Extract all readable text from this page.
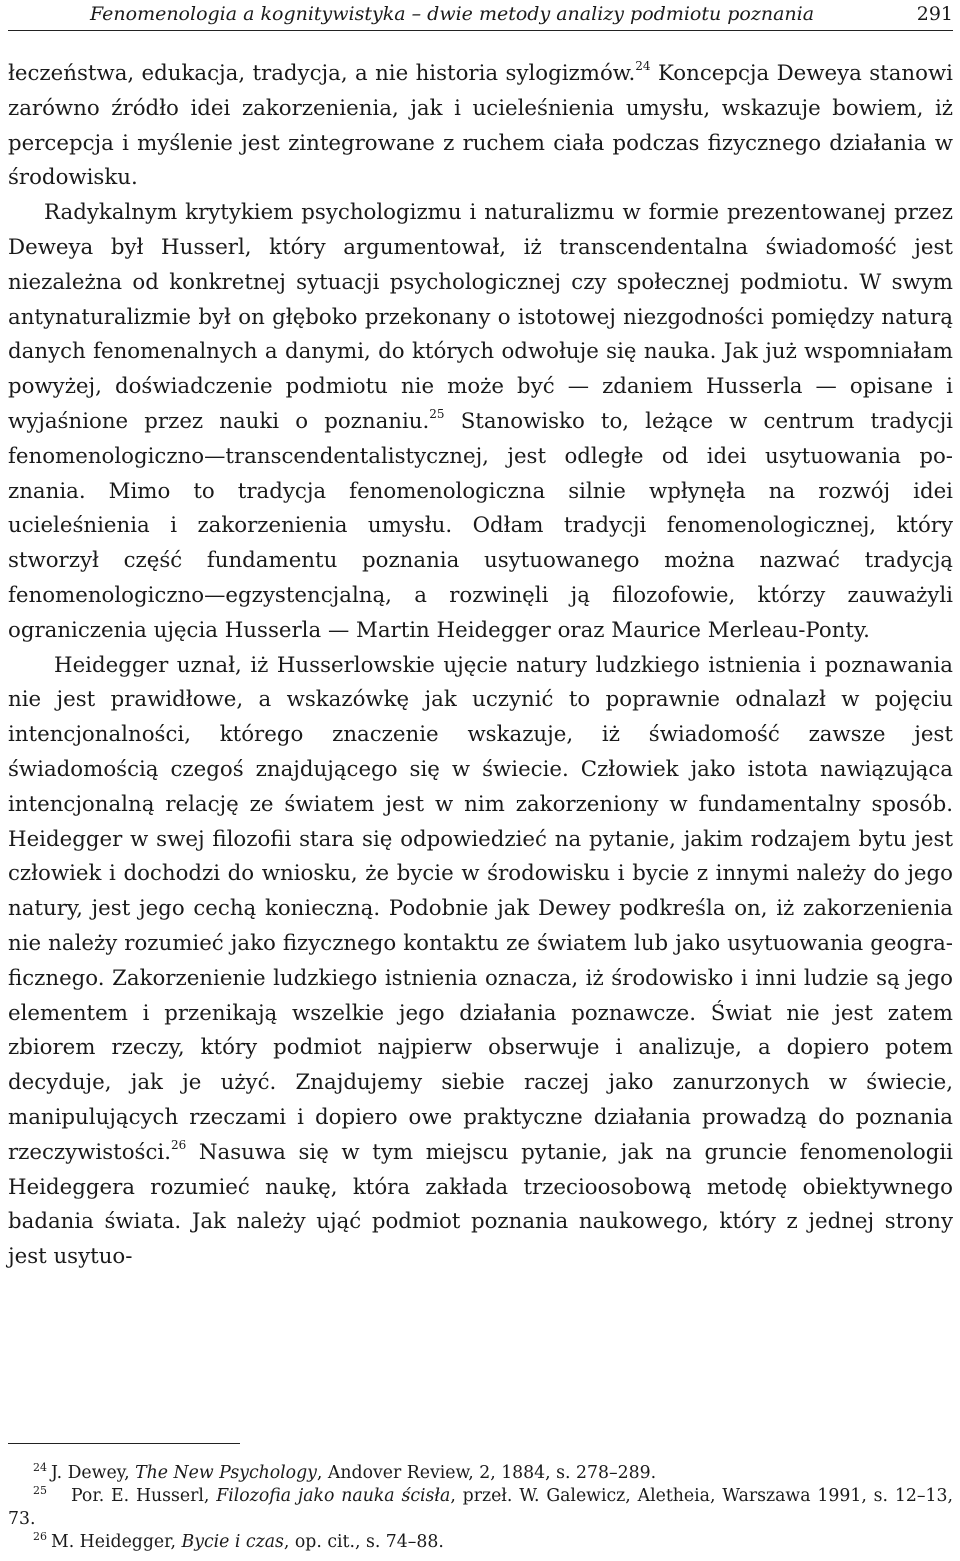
Fenomenologia a kognitywistyka – dwie metody analizy podmiotu poznania	291

łeczeństwa, edukacja, tradycja, a nie historia sylogizmów.$^{24}$ Koncepcja Deweya stanowi zarówno źródło idei zakorzenienia, jak i ucieleśnienia umysłu, wskazuje bowiem, iż percepcja i myślenie jest zintegrowane z ruchem ciała podczas fizycznego działania w środowisku.

Radykalnym krytykiem psychologizmu i naturalizmu w formie prezentowanej przez Deweya był Husserl, który argumentował, iż transcendentalna świadomość jest niezależna od konkretnej sytuacji psychologicznej czy społecznej podmiotu. W swym antynaturalizmie był on głęboko przekonany o istotowej niezgodności pomiędzy naturą danych fenomenalnych a danymi, do których odwołuje się nauka. Jak już wspomniałam powyżej, doświadczenie podmiotu nie może być — zdaniem Husserla — opisane i wyjaśnione przez nauki o poznaniu.$^{25}$ Stanowisko to, leżące w centrum tradycji fenomenologiczno—transcendentalistycznej, jest odległe od idei usytuowania poznania. Mimo to tradycja fenomenologiczna silnie wpłynęła na rozwój idei ucieleśnienia i zakorzenienia umysłu. Odłam tradycji fenomenologicznej, który stworzył część fundamentu poznania usytuowanego można nazwać tradycją fenomenologiczno—egzystencjalną, a rozwinęli ją filozofowie, którzy zauważyli ograniczenia ujęcia Husserla — Martin Heidegger oraz Maurice Merleau-Ponty.

Heidegger uznał, iż Husserlowskie ujęcie natury ludzkiego istnienia i poznawania nie jest prawidłowe, a wskazówkę jak uczynić to poprawnie odnalazł w pojęciu intencjonalności, którego znaczenie wskazuje, iż świadomość zawsze jest świadomością czegoś znajdującego się w świecie. Człowiek jako istota nawiązująca intencjonalną relację ze światem jest w nim zakorzeniony w fundamentalny sposób. Heidegger w swej filozofii stara się odpowiedzieć na pytanie, jakim rodzajem bytu jest człowiek i dochodzi do wniosku, że bycie w środowisku i bycie z innymi należy do jego natury, jest jego cechą konieczną. Podobnie jak Dewey podkreśla on, iż zakorzenienia nie należy rozumieć jako fizycznego kontaktu ze światem lub jako usytuowania geograficznego. Zakorzenienie ludzkiego istnienia oznacza, iż środowisko i inni ludzie są jego elementem i przenikają wszelkie jego działania poznawcze. Świat nie jest zatem zbiorem rzeczy, który podmiot najpierw obserwuje i analizuje, a dopiero potem decyduje, jak je użyć. Znajdujemy siebie raczej jako zanurzonych w świecie, manipulujących rzeczami i dopiero owe praktyczne działania prowadzą do poznania rzeczywistości.$^{26}$ Nasuwa się w tym miejscu pytanie, jak na gruncie fenomenologii Heideggera rozumieć naukę, która zakłada trzecioosobową metodę obiektywnego badania świata. Jak należy ująć podmiot poznania naukowego, który z jednej strony jest usytuo-

$^{24}$ J. Dewey, The New Psychology, Andover Review, 2, 1884, s. 278–289.

$^{25}$ Por. E. Husserl, Filozofia jako nauka ścisła, przeł. W. Galewicz, Aletheia, Warszawa 1991, s. 12–13, 73.

$^{26}$ M. Heidegger, Bycie i czas, op. cit., s. 74–88.
